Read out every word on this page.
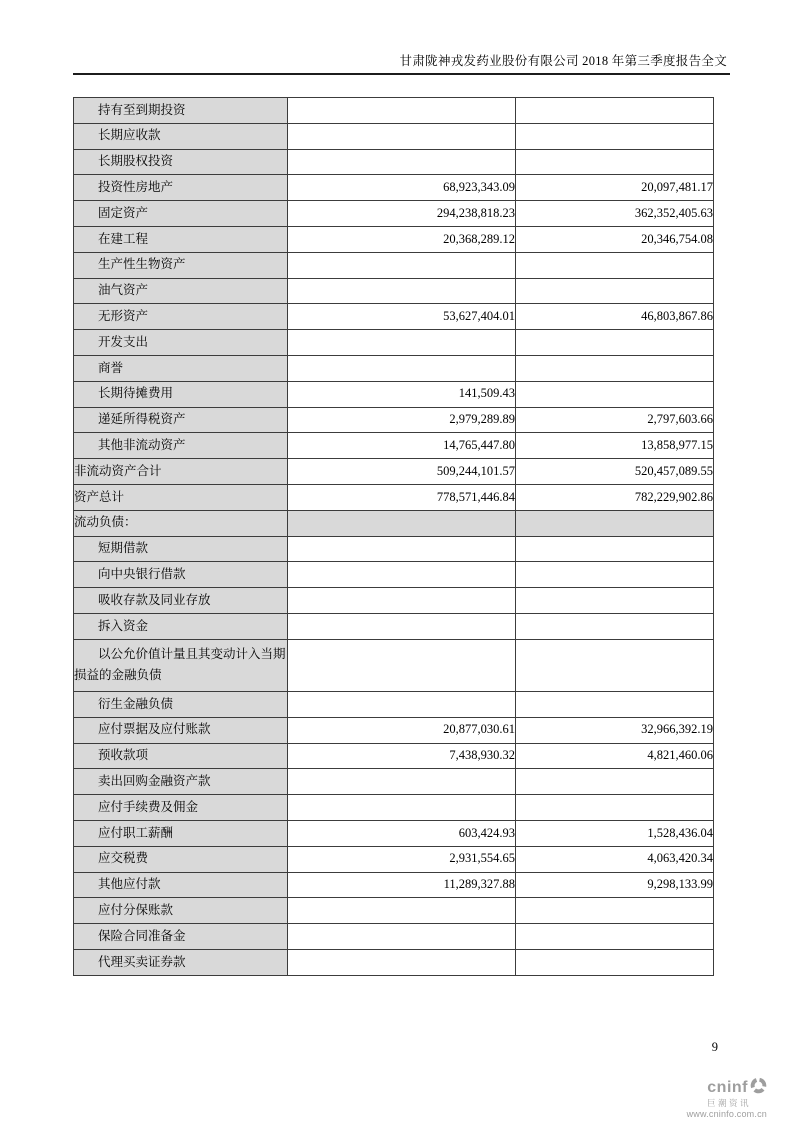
甘肃陇神戎发药业股份有限公司 2018 年第三季度报告全文
持有至到期投资		
长期应收款		
长期股权投资		
投资性房地产	68,923,343.09	20,097,481.17
固定资产	294,238,818.23	362,352,405.63
在建工程	20,368,289.12	20,346,754.08
生产性生物资产		
油气资产		
无形资产	53,627,404.01	46,803,867.86
开发支出		
商誉		
长期待摊费用	141,509.43	
递延所得税资产	2,979,289.89	2,797,603.66
其他非流动资产	14,765,447.80	13,858,977.15
非流动资产合计	509,244,101.57	520,457,089.55
资产总计	778,571,446.84	782,229,902.86
流动负债：		
短期借款		
向中央银行借款		
吸收存款及同业存放		
拆入资金		
以公允价值计量且其变动计入当期损益的金融负债		
衍生金融负债		
应付票据及应付账款	20,877,030.61	32,966,392.19
预收款项	7,438,930.32	4,821,460.06
卖出回购金融资产款		
应付手续费及佣金		
应付职工薪酬	603,424.93	1,528,436.04
应交税费	2,931,554.65	4,063,420.34
其他应付款	11,289,327.88	9,298,133.99
应付分保账款		
保险合同准备金		
代理买卖证券款		
9
cninf
巨潮资讯
www.cninfo.com.cn
